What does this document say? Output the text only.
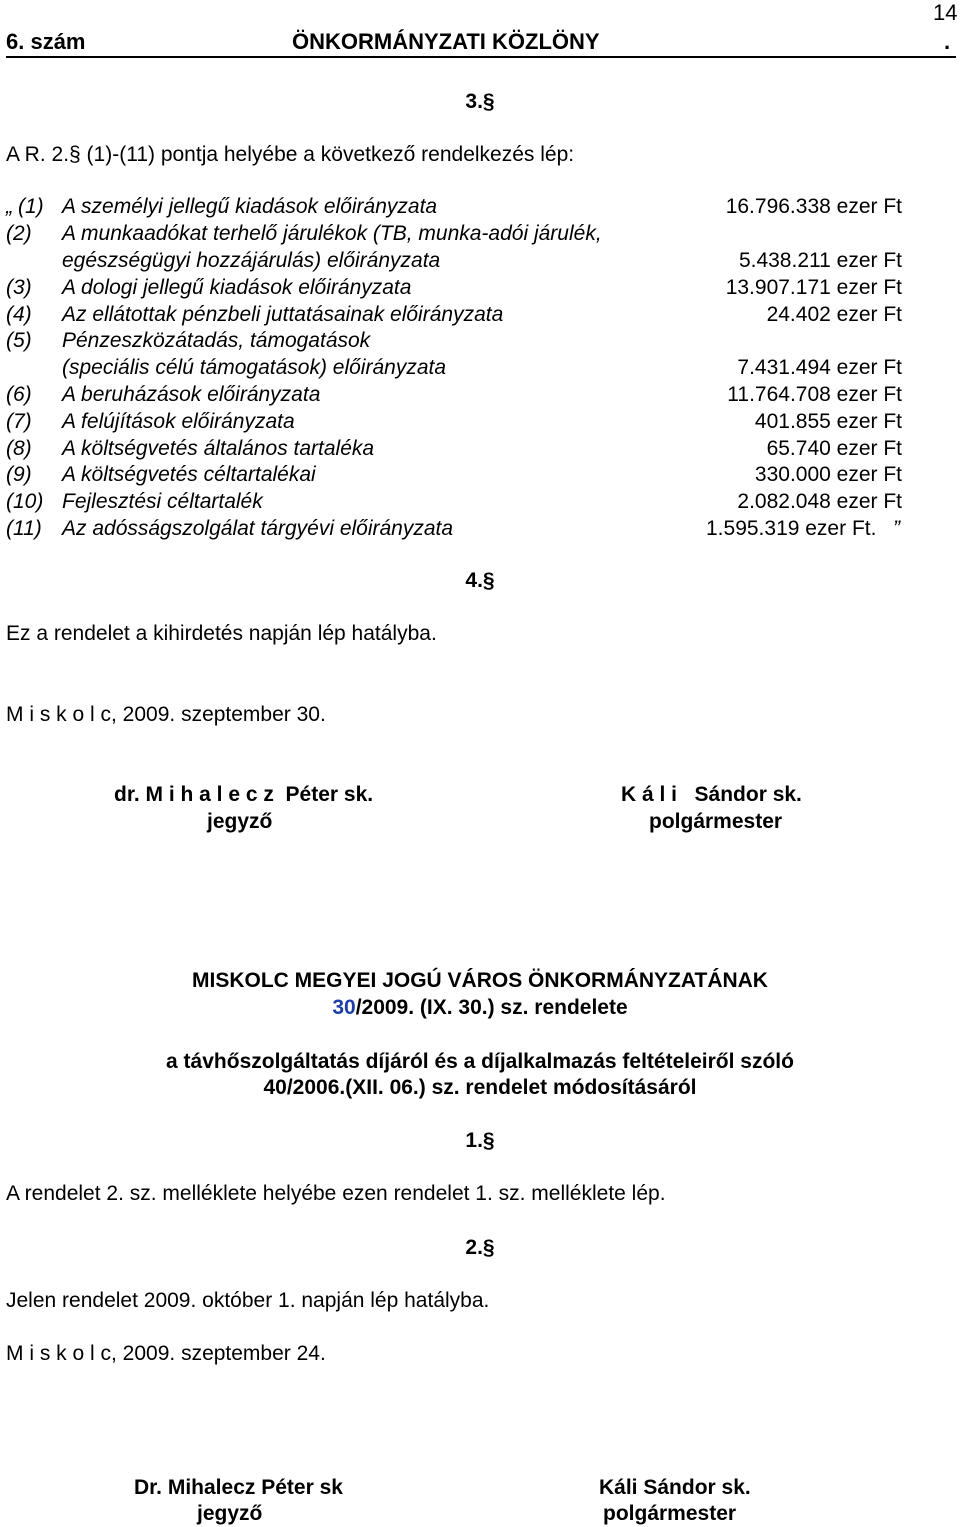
6. szám	ÖNKORMÁNYZATI KÖZLÖNY	.
14
3.§
A R. 2.§ (1)-(11) pontja helyébe a következő rendelkezés lép:
„ (1) A személyi jellegű kiadások előirányzata	16.796.338 ezer Ft
(2) A munkaadókat terhelő járulékok (TB, munka-adói járulék,
egészségügyi hozzájárulás) előirányzata	5.438.211 ezer Ft
(3) A dologi jellegű kiadások előirányzata	13.907.171 ezer Ft
(4) Az ellátottak pénzbeli juttatásainak előirányzata	24.402 ezer Ft
(5) Pénzeszközátadás, támogatások
(speciális célú támogatások) előirányzata	7.431.494 ezer Ft
(6) A beruházások előirányzata	11.764.708 ezer Ft
(7) A felújítások előirányzata	401.855 ezer Ft
(8) A költségvetés általános tartaléka	65.740 ezer Ft
(9) A költségvetés céltartalékai	330.000 ezer Ft
(10) Fejlesztési céltartalék	2.082.048 ezer Ft
(11) Az adósságszolgálat tárgyévi előirányzata	1.595.319 ezer Ft. ”
4.§
Ez a rendelet a kihirdetés napján lép hatályba.
M i s k o l c, 2009. szeptember 30.
dr. M i h a l e c z  Péter sk.
jegyző
K á l i   Sándor sk.
polgármester
MISKOLC MEGYEI JOGÚ VÁROS ÖNKORMÁNYZATÁNAK
30/2009. (IX. 30.) sz. rendelete
a távhőszolgáltatás díjáról és a díjalkalmazás feltételeiről szóló
40/2006.(XII. 06.) sz. rendelet módosításáról
1.§
A rendelet 2. sz. melléklete helyébe ezen rendelet 1. sz. melléklete lép.
2.§
Jelen rendelet 2009. október 1. napján lép hatályba.
M i s k o l c, 2009. szeptember 24.
Dr. Mihalecz Péter sk
jegyző
Káli Sándor sk.
polgármester
